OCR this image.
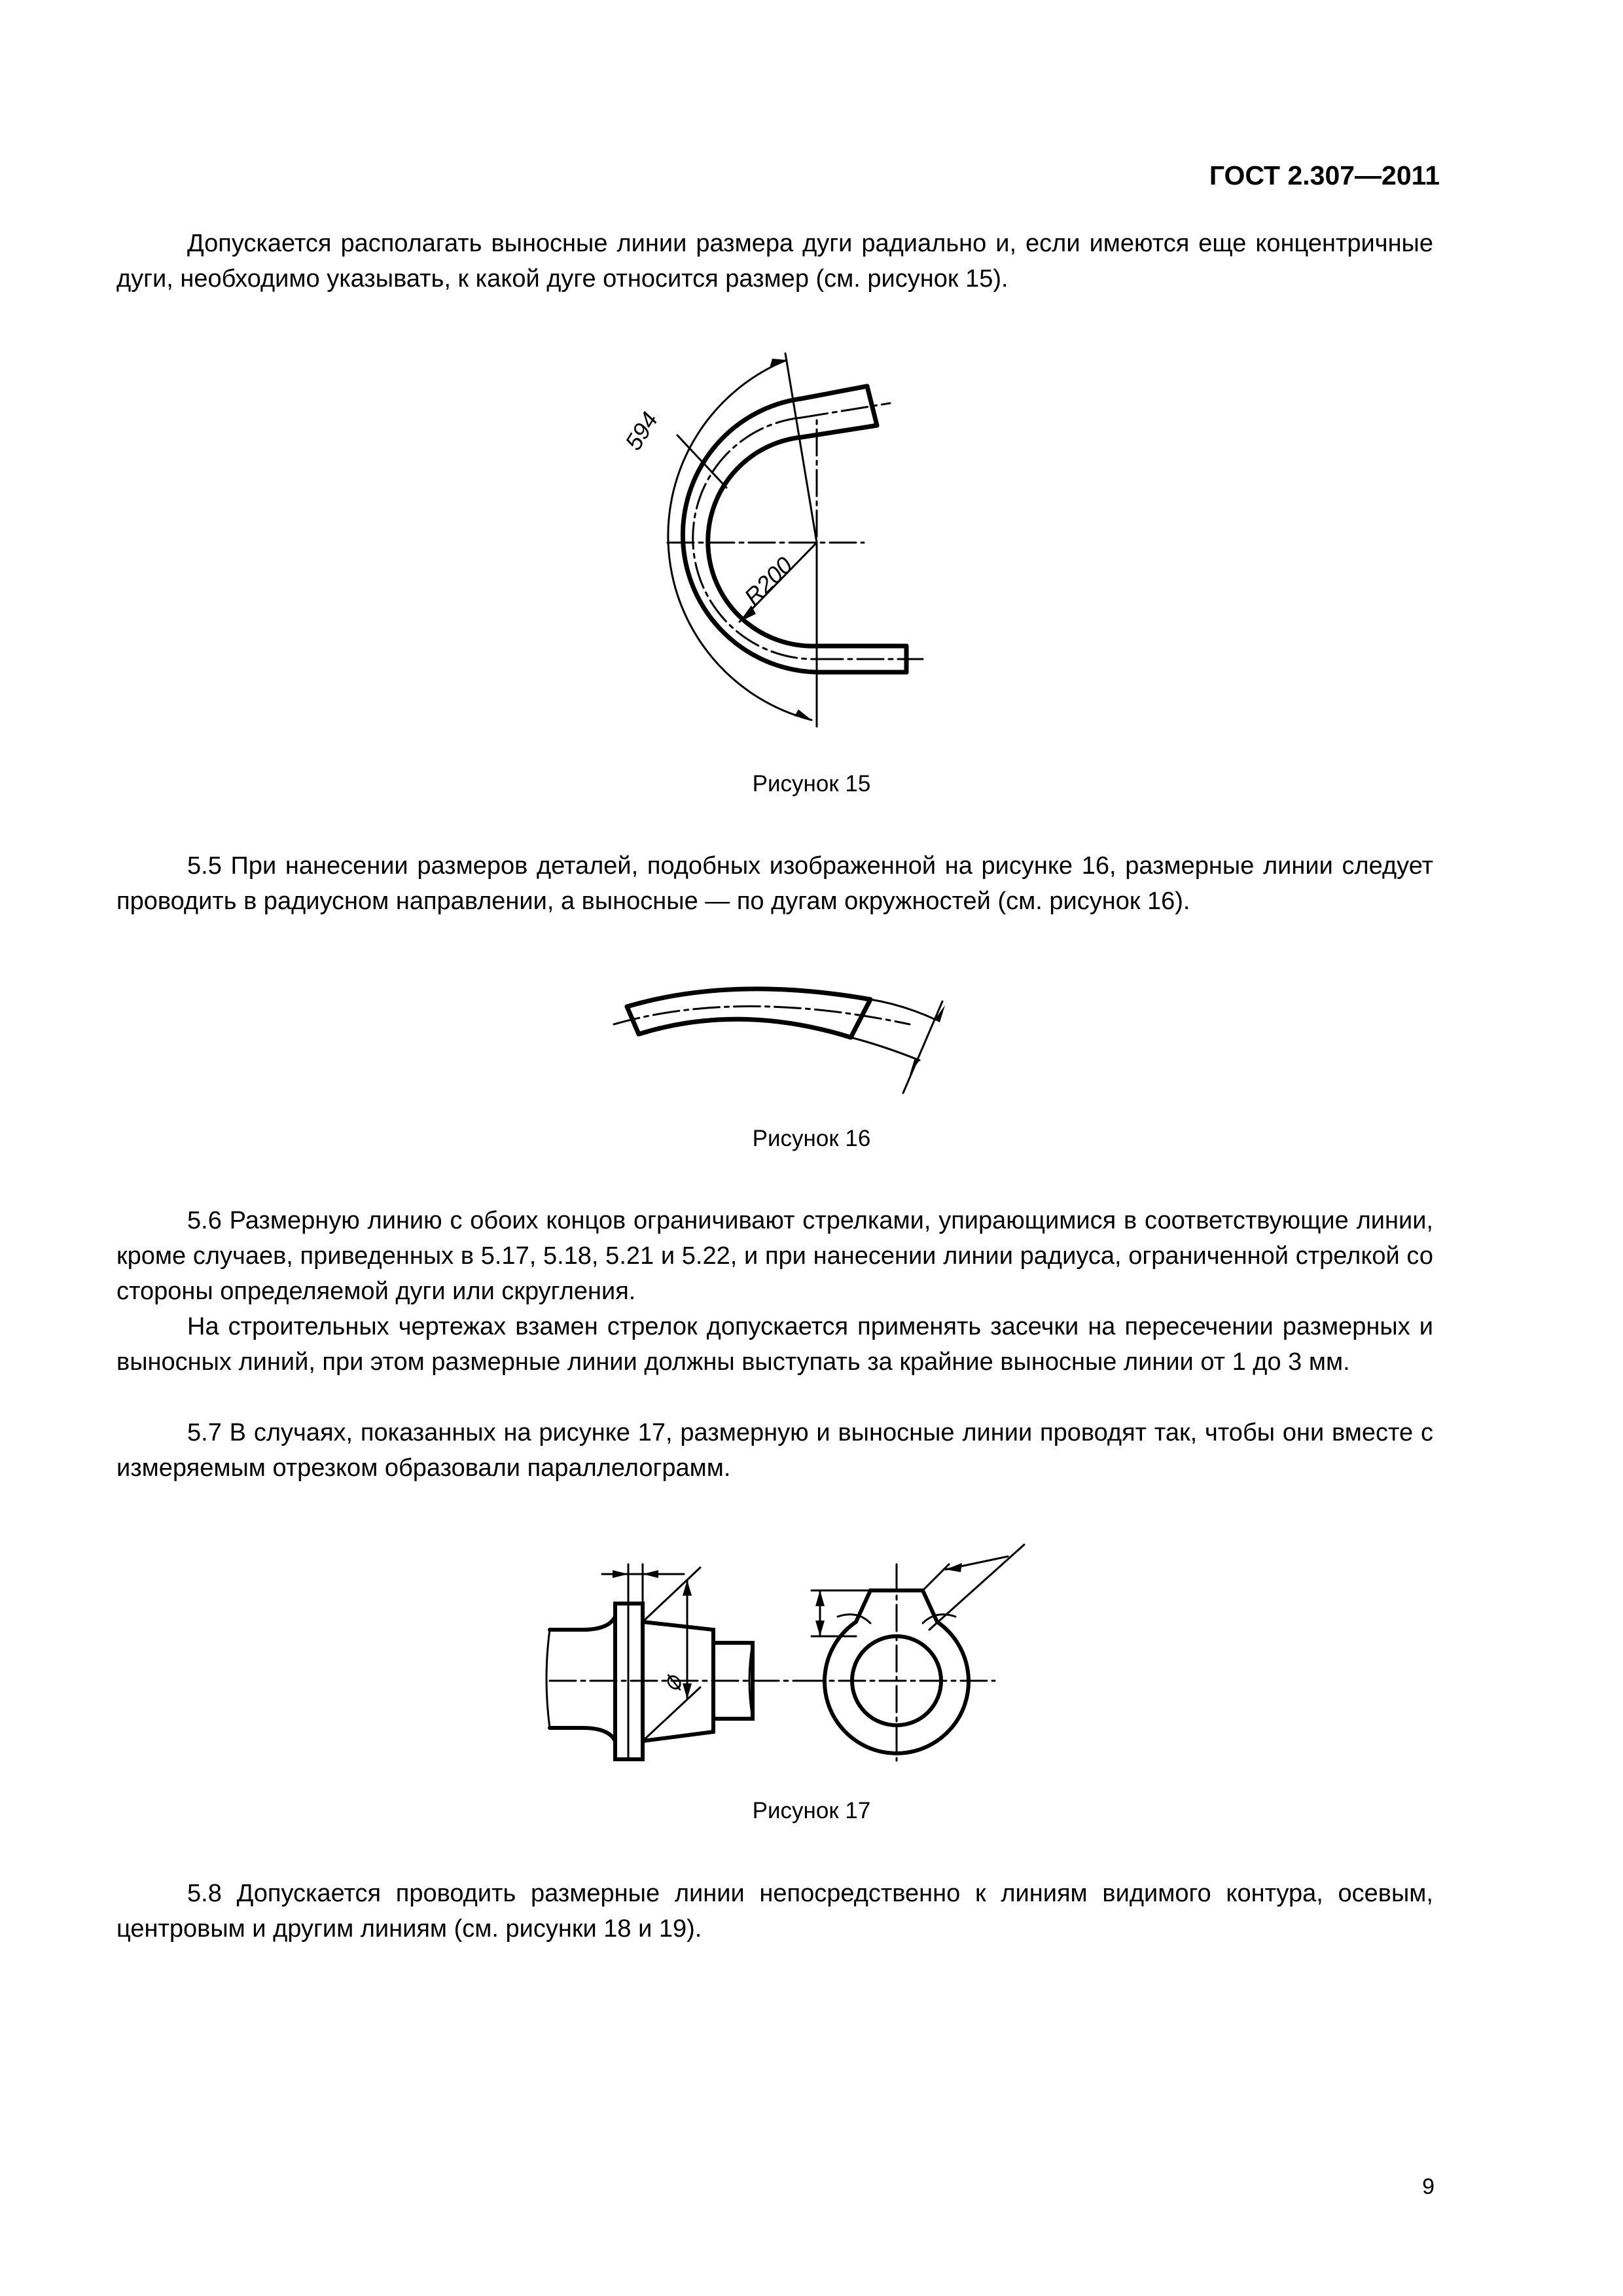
ГОСТ 2.307—2011

Допускается располагать выносные линии размера дуги радиально и, если имеются еще концентричные дуги, необходимо указывать, к какой дуге относится размер (см. рисунок 15).

594
R200
Рисунок 15

5.5 При нанесении размеров деталей, подобных изображенной на рисунке 16, размерные линии следует проводить в радиусном направлении, а выносные — по дугам окружностей (см. рисунок 16).

Рисунок 16

5.6 Размерную линию с обоих концов ограничивают стрелками, упирающимися в соответствующие линии, кроме случаев, приведенных в 5.17, 5.18, 5.21 и 5.22, и при нанесении линии радиуса, ограниченной стрелкой со стороны определяемой дуги или скругления.

На строительных чертежах взамен стрелок допускается применять засечки на пересечении размерных и выносных линий, при этом размерные линии должны выступать за крайние выносные линии от 1 до 3 мм.

5.7 В случаях, показанных на рисунке 17, размерную и выносные линии проводят так, чтобы они вместе с измеряемым отрезком образовали параллелограмм.

⌀
Рисунок 17

5.8 Допускается проводить размерные линии непосредственно к линиям видимого контура, осевым, центровым и другим линиям (см. рисунки 18 и 19).

9
